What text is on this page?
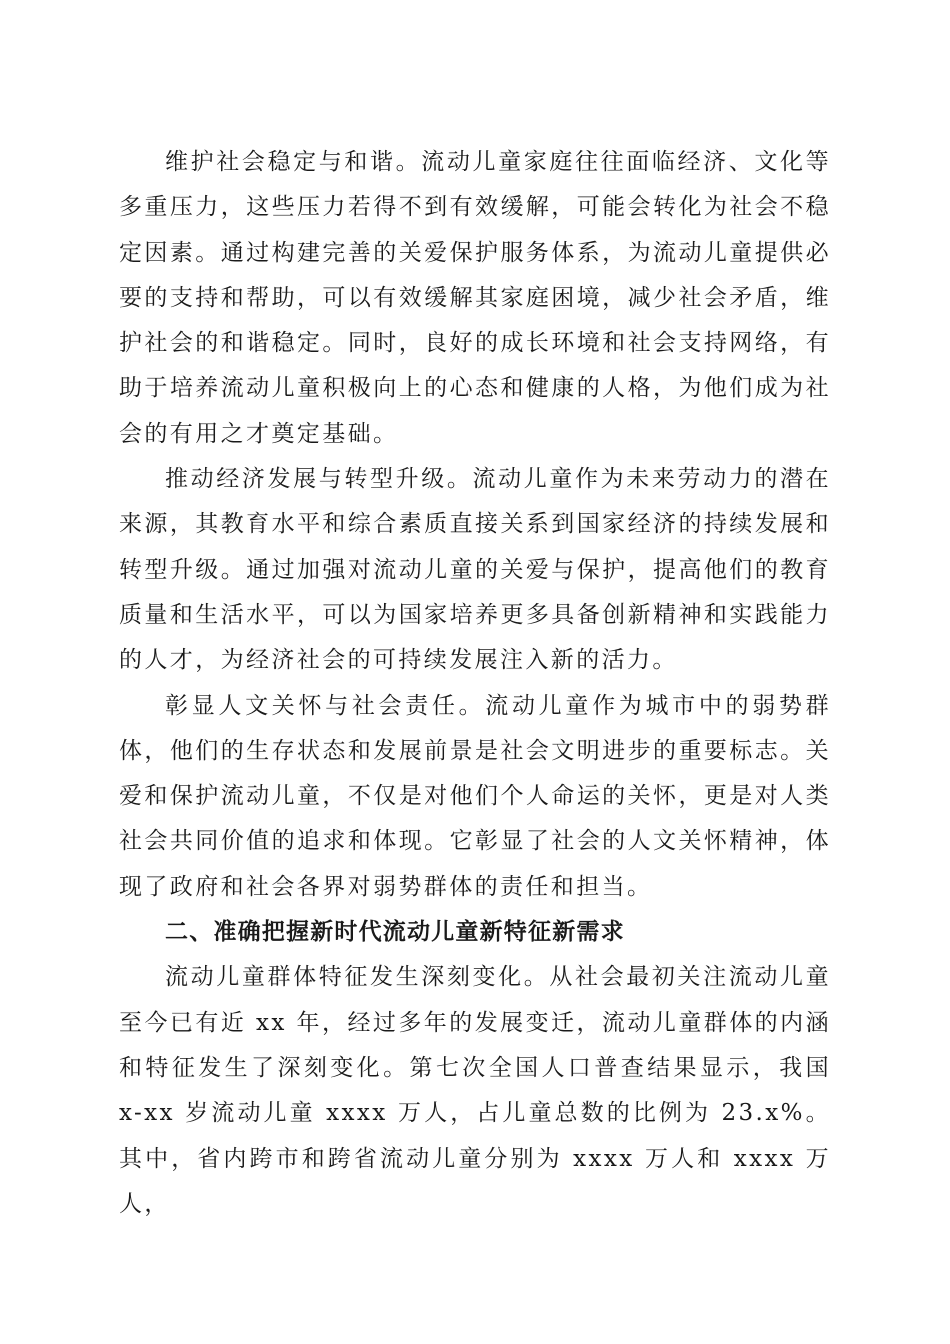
维护社会稳定与和谐。流动儿童家庭往往面临经济、文化等多重压力，这些压力若得不到有效缓解，可能会转化为社会不稳定因素。通过构建完善的关爱保护服务体系，为流动儿童提供必要的支持和帮助，可以有效缓解其家庭困境，减少社会矛盾，维护社会的和谐稳定。同时，良好的成长环境和社会支持网络，有助于培养流动儿童积极向上的心态和健康的人格，为他们成为社会的有用之才奠定基础。

推动经济发展与转型升级。流动儿童作为未来劳动力的潜在来源，其教育水平和综合素质直接关系到国家经济的持续发展和转型升级。通过加强对流动儿童的关爱与保护，提高他们的教育质量和生活水平，可以为国家培养更多具备创新精神和实践能力的人才，为经济社会的可持续发展注入新的活力。

彰显人文关怀与社会责任。流动儿童作为城市中的弱势群体，他们的生存状态和发展前景是社会文明进步的重要标志。关爱和保护流动儿童，不仅是对他们个人命运的关怀，更是对人类社会共同价值的追求和体现。它彰显了社会的人文关怀精神，体现了政府和社会各界对弱势群体的责任和担当。

二、准确把握新时代流动儿童新特征新需求

流动儿童群体特征发生深刻变化。从社会最初关注流动儿童至今已有近 xx 年，经过多年的发展变迁，流动儿童群体的内涵和特征发生了深刻变化。第七次全国人口普查结果显示，我国 x-xx 岁流动儿童 xxxx 万人，占儿童总数的比例为 23.x%。其中，省内跨市和跨省流动儿童分别为 xxxx 万人和 xxxx 万人，
